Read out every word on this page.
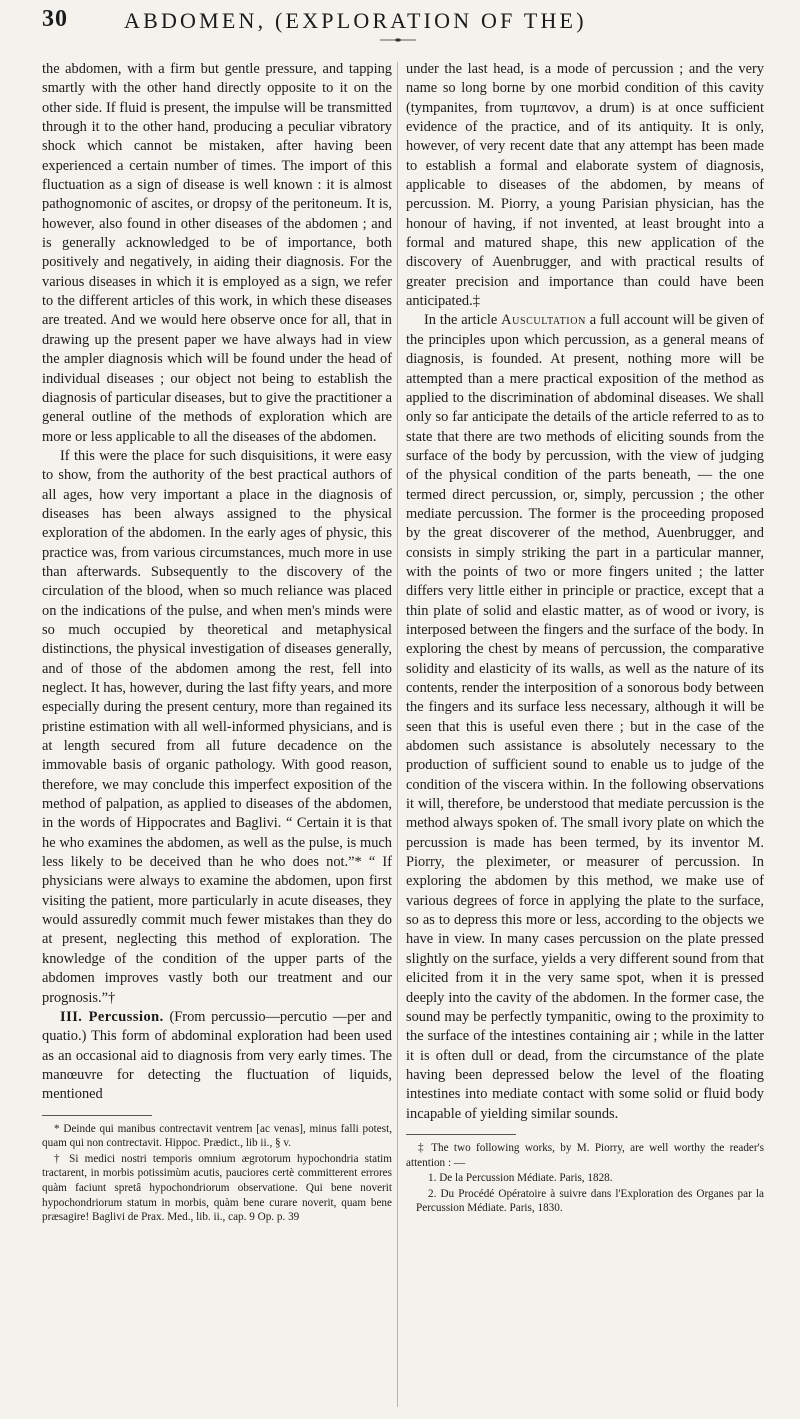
30	ABDOMEN, (EXPLORATION OF THE)

the abdomen, with a firm but gentle pressure, and tapping smartly with the other hand directly opposite to it on the other side. If fluid is present, the impulse will be transmitted through it to the other hand, producing a peculiar vibratory shock which cannot be mistaken, after having been experienced a certain number of times. The import of this fluctuation as a sign of disease is well known : it is almost pathognomonic of ascites, or dropsy of the peritoneum. It is, however, also found in other diseases of the abdomen ; and is generally acknowledged to be of importance, both positively and negatively, in aiding their diagnosis. For the various diseases in which it is employed as a sign, we refer to the different articles of this work, in which these diseases are treated. And we would here observe once for all, that in drawing up the present paper we have always had in view the ampler diagnosis which will be found under the head of individual diseases ; our object not being to establish the diagnosis of particular diseases, but to give the practitioner a general outline of the methods of exploration which are more or less applicable to all the diseases of the abdomen.

If this were the place for such disquisitions, it were easy to show, from the authority of the best practical authors of all ages, how very important a place in the diagnosis of diseases has been always assigned to the physical exploration of the abdomen. In the early ages of physic, this practice was, from various circumstances, much more in use than afterwards. Subsequently to the discovery of the circulation of the blood, when so much reliance was placed on the indications of the pulse, and when men's minds were so much occupied by theoretical and metaphysical distinctions, the physical investigation of diseases generally, and of those of the abdomen among the rest, fell into neglect. It has, however, during the last fifty years, and more especially during the present century, more than regained its pristine estimation with all well-informed physicians, and is at length secured from all future decadence on the immovable basis of organic pathology. With good reason, therefore, we may conclude this imperfect exposition of the method of palpation, as applied to diseases of the abdomen, in the words of Hippocrates and Baglivi. “ Certain it is that he who examines the abdomen, as well as the pulse, is much less likely to be deceived than he who does not.”* “ If physicians were always to examine the abdomen, upon first visiting the patient, more particularly in acute diseases, they would assuredly commit much fewer mistakes than they do at present, neglecting this method of exploration. The knowledge of the condition of the upper parts of the abdomen improves vastly both our treatment and our prognosis.”†

III. Percussion. (From percussio—percutio —per and quatio.) This form of abdominal exploration had been used as an occasional aid to diagnosis from very early times. The manœuvre for detecting the fluctuation of liquids, mentioned

* Deinde qui manibus contrectavit ventrem [ac venas], minus falli potest, quam qui non contrectavit. Hippoc. Prædict., lib ii., § v.

† Si medici nostri temporis omnium ægrotorum hypochondria statim tractarent, in morbis potissimùm acutis, pauciores certè committerent errores quàm faciunt spretâ hypochondriorum observatione. Qui bene noverit hypochondriorum statum in morbis, quàm bene curare noverit, quam bene præsagire! Baglivi de Prax. Med., lib. ii., cap. 9 Op. p. 39

under the last head, is a mode of percussion ; and the very name so long borne by one morbid condition of this cavity (tympanites, from τυμπανον, a drum) is at once sufficient evidence of the practice, and of its antiquity. It is only, however, of very recent date that any attempt has been made to establish a formal and elaborate system of diagnosis, applicable to diseases of the abdomen, by means of percussion. M. Piorry, a young Parisian physician, has the honour of having, if not invented, at least brought into a formal and matured shape, this new application of the discovery of Auenbrugger, and with practical results of greater precision and importance than could have been anticipated.‡

In the article Auscultation a full account will be given of the principles upon which percussion, as a general means of diagnosis, is founded. At present, nothing more will be attempted than a mere practical exposition of the method as applied to the discrimination of abdominal diseases. We shall only so far anticipate the details of the article referred to as to state that there are two methods of eliciting sounds from the surface of the body by percussion, with the view of judging of the physical condition of the parts beneath, — the one termed direct percussion, or, simply, percussion ; the other mediate percussion. The former is the proceeding proposed by the great discoverer of the method, Auenbrugger, and consists in simply striking the part in a particular manner, with the points of two or more fingers united ; the latter differs very little either in principle or practice, except that a thin plate of solid and elastic matter, as of wood or ivory, is interposed between the fingers and the surface of the body. In exploring the chest by means of percussion, the comparative solidity and elasticity of its walls, as well as the nature of its contents, render the interposition of a sonorous body between the fingers and its surface less necessary, although it will be seen that this is useful even there ; but in the case of the abdomen such assistance is absolutely necessary to the production of sufficient sound to enable us to judge of the condition of the viscera within. In the following observations it will, therefore, be understood that mediate percussion is the method always spoken of. The small ivory plate on which the percussion is made has been termed, by its inventor M. Piorry, the pleximeter, or measurer of percussion. In exploring the abdomen by this method, we make use of various degrees of force in applying the plate to the surface, so as to depress this more or less, according to the objects we have in view. In many cases percussion on the plate pressed slightly on the surface, yields a very different sound from that elicited from it in the very same spot, when it is pressed deeply into the cavity of the abdomen. In the former case, the sound may be perfectly tympanitic, owing to the proximity to the surface of the intestines containing air ; while in the latter it is often dull or dead, from the circumstance of the plate having been depressed below the level of the floating intestines into mediate contact with some solid or fluid body incapable of yielding similar sounds.

‡ The two following works, by M. Piorry, are well worthy the reader's attention : —

1. De la Percussion Médiate. Paris, 1828.

2. Du Procédé Opératoire à suivre dans l'Exploration des Organes par la Percussion Médiate. Paris, 1830.
